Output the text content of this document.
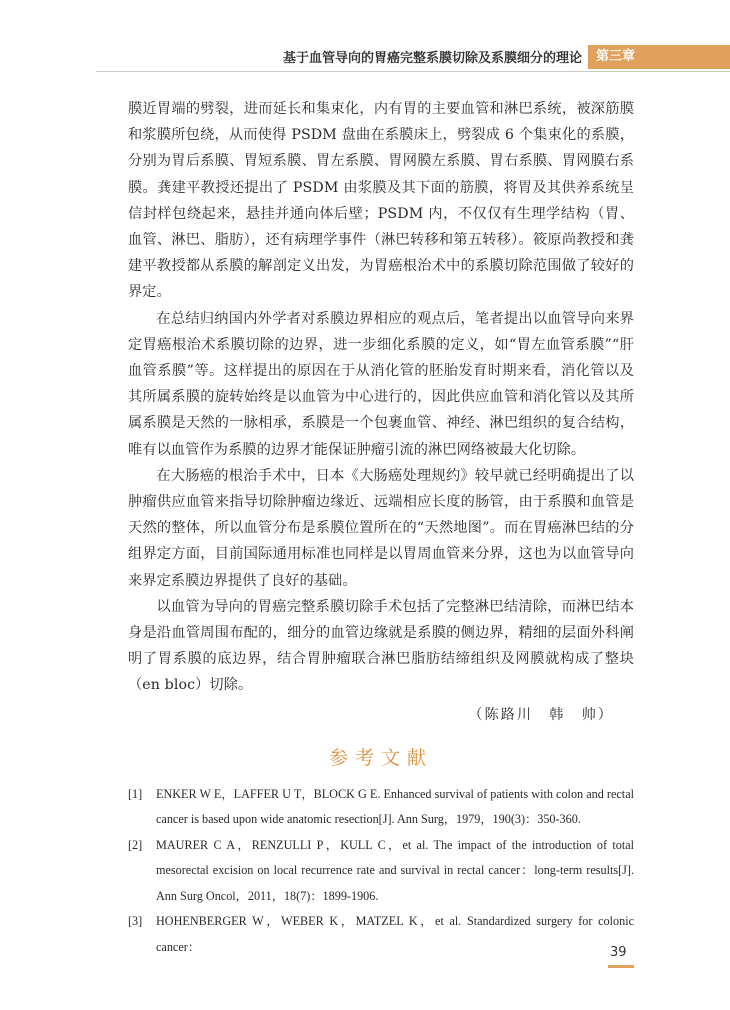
基于血管导向的胃癌完整系膜切除及系膜细分的理论	第三章

膜近胃端的劈裂，进而延长和集束化，内有胃的主要血管和淋巴系统，被深筋膜和浆膜所包绕，从而使得 PSDM 盘曲在系膜床上，劈裂成 6 个集束化的系膜，分别为胃后系膜、胃短系膜、胃左系膜、胃网膜左系膜、胃右系膜、胃网膜右系膜。龚建平教授还提出了 PSDM 由浆膜及其下面的筋膜，将胃及其供养系统呈信封样包绕起来，悬挂并通向体后壁；PSDM 内，不仅仅有生理学结构（胃、血管、淋巴、脂肪），还有病理学事件（淋巴转移和第五转移）。筱原尚教授和龚建平教授都从系膜的解剖定义出发，为胃癌根治术中的系膜切除范围做了较好的界定。

在总结归纳国内外学者对系膜边界相应的观点后，笔者提出以血管导向来界定胃癌根治术系膜切除的边界，进一步细化系膜的定义，如“胃左血管系膜”“肝血管系膜”等。这样提出的原因在于从消化管的胚胎发育时期来看，消化管以及其所属系膜的旋转始终是以血管为中心进行的，因此供应血管和消化管以及其所属系膜是天然的一脉相承，系膜是一个包裹血管、神经、淋巴组织的复合结构，唯有以血管作为系膜的边界才能保证肿瘤引流的淋巴网络被最大化切除。

在大肠癌的根治手术中，日本《大肠癌处理规约》较早就已经明确提出了以肿瘤供应血管来指导切除肿瘤边缘近、远端相应长度的肠管，由于系膜和血管是天然的整体，所以血管分布是系膜位置所在的“天然地图”。而在胃癌淋巴结的分组界定方面，目前国际通用标准也同样是以胃周血管来分界，这也为以血管导向来界定系膜边界提供了良好的基础。

以血管为导向的胃癌完整系膜切除手术包括了完整淋巴结清除，而淋巴结本身是沿血管周围布配的，细分的血管边缘就是系膜的侧边界，精细的层面外科阐明了胃系膜的底边界，结合胃肿瘤联合淋巴脂肪结缔组织及网膜就构成了整块（en bloc）切除。

（陈路川　韩　帅）
参考文献
[1] ENKER W E，LAFFER U T，BLOCK G E. Enhanced survival of patients with colon and rectal cancer is based upon wide anatomic resection[J]. Ann Surg，1979，190(3)：350-360.
[2] MAURER C A，RENZULLI P，KULL C，et al. The impact of the introduction of total mesorectal excision on local recurrence rate and survival in rectal cancer：long-term results[J]. Ann Surg Oncol，2011，18(7)：1899-1906.
[3] HOHENBERGER W，WEBER K，MATZEL K，et al. Standardized surgery for colonic cancer：	39
